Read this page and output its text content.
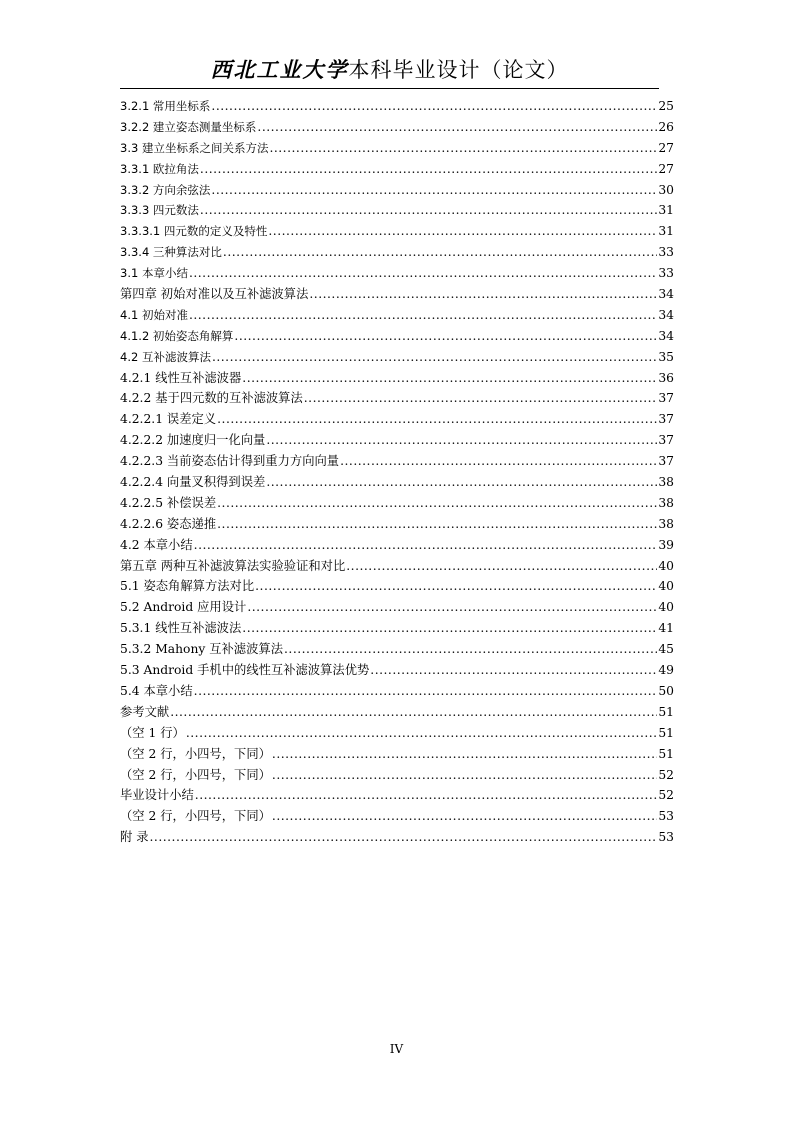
西北工业大学本科毕业设计（论文）
3.2.1 常用坐标系 .....	25
3.2.2 建立姿态测量坐标系 .....	26
3.3 建立坐标系之间关系方法 .....	27
3.3.1 欧拉角法 .....	27
3.3.2 方向余弦法 .....	30
3.3.3 四元数法 .....	31
3.3.3.1 四元数的定义及特性 .....	31
3.3.4 三种算法对比 .....	33
3.1 本章小结 .....	33
第四章 初始对准以及互补滤波算法 .....	34
4.1 初始对准 .....	34
4.1.2 初始姿态角解算 .....	34
4.2 互补滤波算法 .....	35
4.2.1 线性互补滤波器 .....	36
4.2.2 基于四元数的互补滤波算法 .....	37
4.2.2.1 误差定义 .....	37
4.2.2.2 加速度归一化向量 .....	37
4.2.2.3 当前姿态估计得到重力方向向量 .....	37
4.2.2.4 向量叉积得到误差 .....	38
4.2.2.5 补偿误差 .....	38
4.2.2.6 姿态递推 .....	38
4.2 本章小结 .....	39
第五章 两种互补滤波算法实验验证和对比 .....	40
5.1 姿态角解算方法对比 .....	40
5.2 Android 应用设计 .....	40
5.3.1 线性互补滤波法 .....	41
5.3.2 Mahony 互补滤波算法 .....	45
5.3 Android 手机中的线性互补滤波算法优势 .....	49
5.4 本章小结 .....	50
参考文献 .....	51
（空 1 行） .....	51
（空 2 行，小四号，下同） .....	51
（空 2 行，小四号，下同） .....	52
毕业设计小结 .....	52
（空 2 行，小四号，下同） .....	53
附 录 .....	53
IV
